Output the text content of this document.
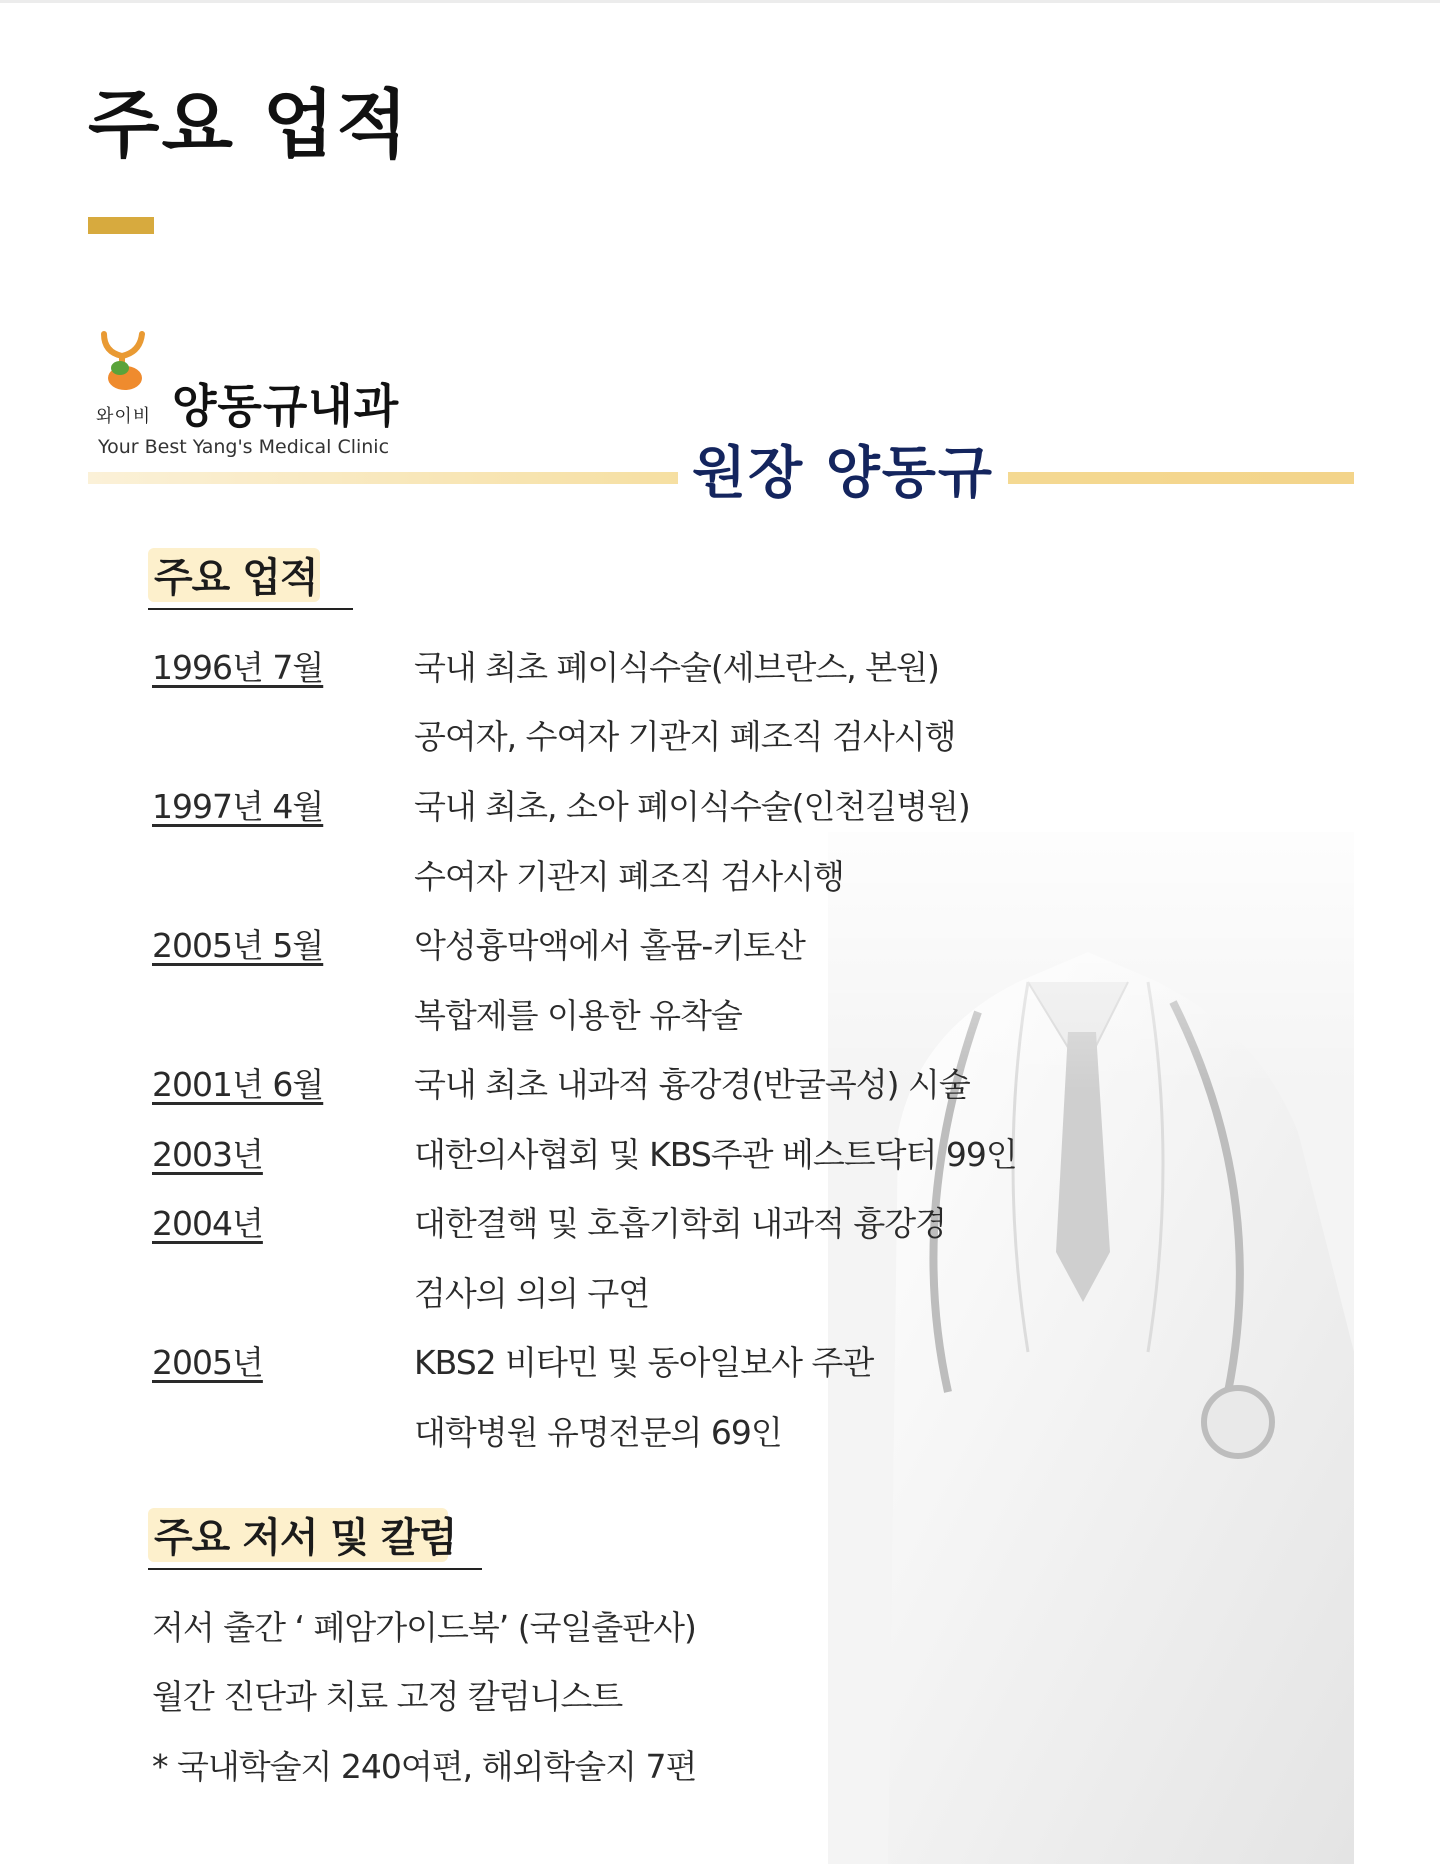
주요 업적
와이비 양동규내과
Your Best Yang's Medical Clinic	원장 양동규
주요 업적
1996년 7월	국내 최초 폐이식수술(세브란스, 본원)
공여자, 수여자 기관지 폐조직 검사시행
1997년 4월	국내 최초, 소아 폐이식수술(인천길병원)
수여자 기관지 폐조직 검사시행
2005년 5월	악성흉막액에서 홀뮴-키토산
복합제를 이용한 유착술
2001년 6월	국내 최초 내과적 흉강경(반굴곡성) 시술
2003년	대한의사협회 및 KBS주관 베스트닥터 99인
2004년	대한결핵 및 호흡기학회 내과적 흉강경
검사의 의의 구연
2005년	KBS2 비타민 및 동아일보사 주관
대학병원 유명전문의 69인
주요 저서 및 칼럼
저서 출간 ‘ 폐암가이드북’ (국일출판사)
월간 진단과 치료 고정 칼럼니스트
* 국내학술지 240여편, 해외학술지 7편
